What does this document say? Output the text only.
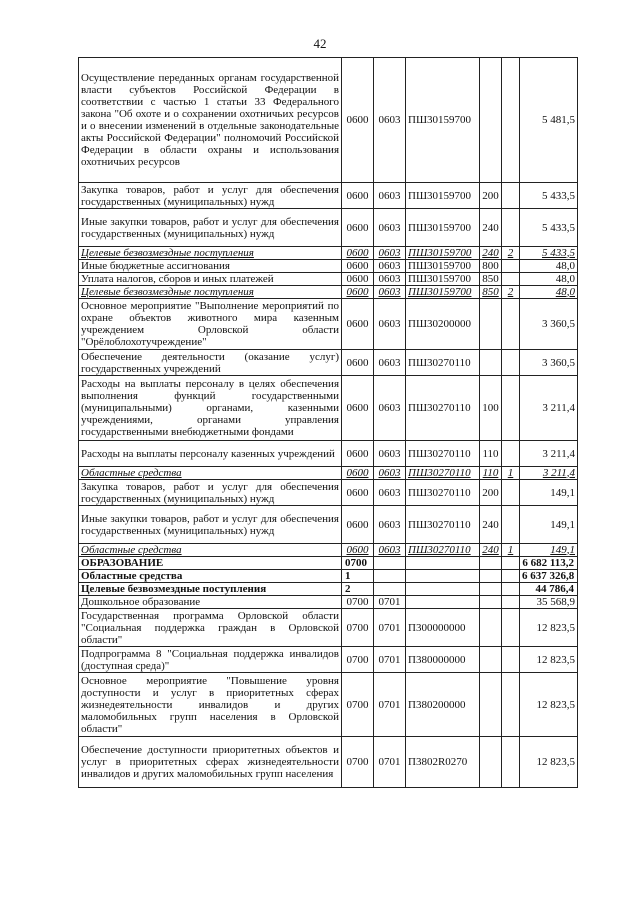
42
Осуществление переданных органам государственной власти субъектов Российской Федерации в соответствии с частью 1 статьи 33 Федерального закона "Об охоте и о сохранении охотничьих ресурсов и о внесении изменений в отдельные законодательные акты Российской Федерации" полномочий Российской Федерации в области охраны и использования охотничьих ресурсов	0600	0603	ПШ30159700			5 481,5
Закупка товаров, работ и услуг для обеспечения государственных (муниципальных) нужд	0600	0603	ПШ30159700	200		5 433,5
Иные закупки товаров, работ и услуг для обеспечения государственных (муниципальных) нужд	0600	0603	ПШ30159700	240		5 433,5
Целевые безвозмездные поступления	0600	0603	ПШ30159700	240	2	5 433,5
Иные бюджетные ассигнования	0600	0603	ПШ30159700	800		48,0
Уплата налогов, сборов и иных платежей	0600	0603	ПШ30159700	850		48,0
Целевые безвозмездные поступления	0600	0603	ПШ30159700	850	2	48,0
Основное мероприятие "Выполнение мероприятий по охране объектов животного мира казенным учреждением Орловской области "Орёлоблохотучреждение"	0600	0603	ПШ30200000			3 360,5
Обеспечение деятельности (оказание услуг) государственных учреждений	0600	0603	ПШ30270110			3 360,5
Расходы на выплаты персоналу в целях обеспечения выполнения функций государственными (муниципальными) органами, казенными учреждениями, органами управления государственными внебюджетными фондами	0600	0603	ПШ30270110	100		3 211,4
Расходы на выплаты персоналу казенных учреждений	0600	0603	ПШ30270110	110		3 211,4
Областные средства	0600	0603	ПШ30270110	110	1	3 211,4
Закупка товаров, работ и услуг для обеспечения государственных (муниципальных) нужд	0600	0603	ПШ30270110	200		149,1
Иные закупки товаров, работ и услуг для обеспечения государственных (муниципальных) нужд	0600	0603	ПШ30270110	240		149,1
Областные средства	0600	0603	ПШ30270110	240	1	149,1
ОБРАЗОВАНИЕ	0700					6 682 113,2
Областные средства	1					6 637 326,8
Целевые безвозмездные поступления	2					44 786,4
Дошкольное образование	0700	0701				35 568,9
Государственная программа Орловской области "Социальная поддержка граждан в Орловской области"	0700	0701	П300000000			12 823,5
Подпрограмма 8 "Социальная поддержка инвалидов (доступная среда)"	0700	0701	П380000000			12 823,5
Основное мероприятие "Повышение уровня доступности и услуг в приоритетных сферах жизнедеятельности инвалидов и других маломобильных групп населения в Орловской области"	0700	0701	П380200000			12 823,5
Обеспечение доступности приоритетных объектов и услуг в приоритетных сферах жизнедеятельности инвалидов и других маломобильных групп населения	0700	0701	П3802R0270			12 823,5
